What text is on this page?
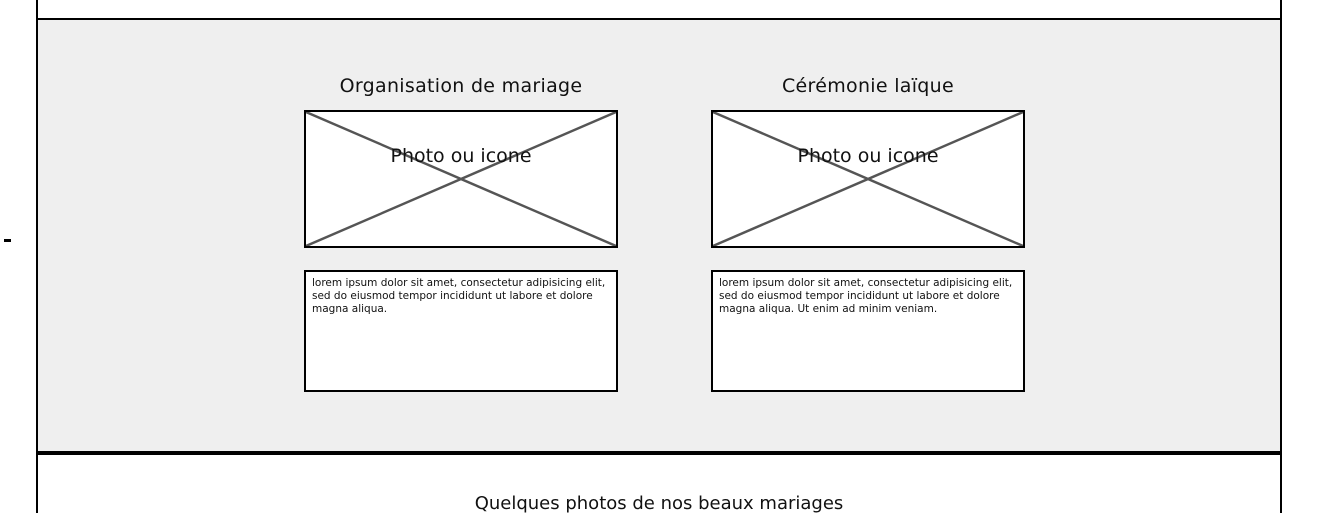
Organisation de mariage
Photo ou icone
lorem ipsum dolor sit amet, consectetur adipisicing elit, sed do eiusmod tempor incididunt ut labore et dolore magna aliqua.
Cérémonie laïque
Photo ou icone
lorem ipsum dolor sit amet, consectetur adipisicing elit, sed do eiusmod tempor incididunt ut labore et dolore magna aliqua. Ut enim ad minim veniam.
Quelques photos de nos beaux mariages
